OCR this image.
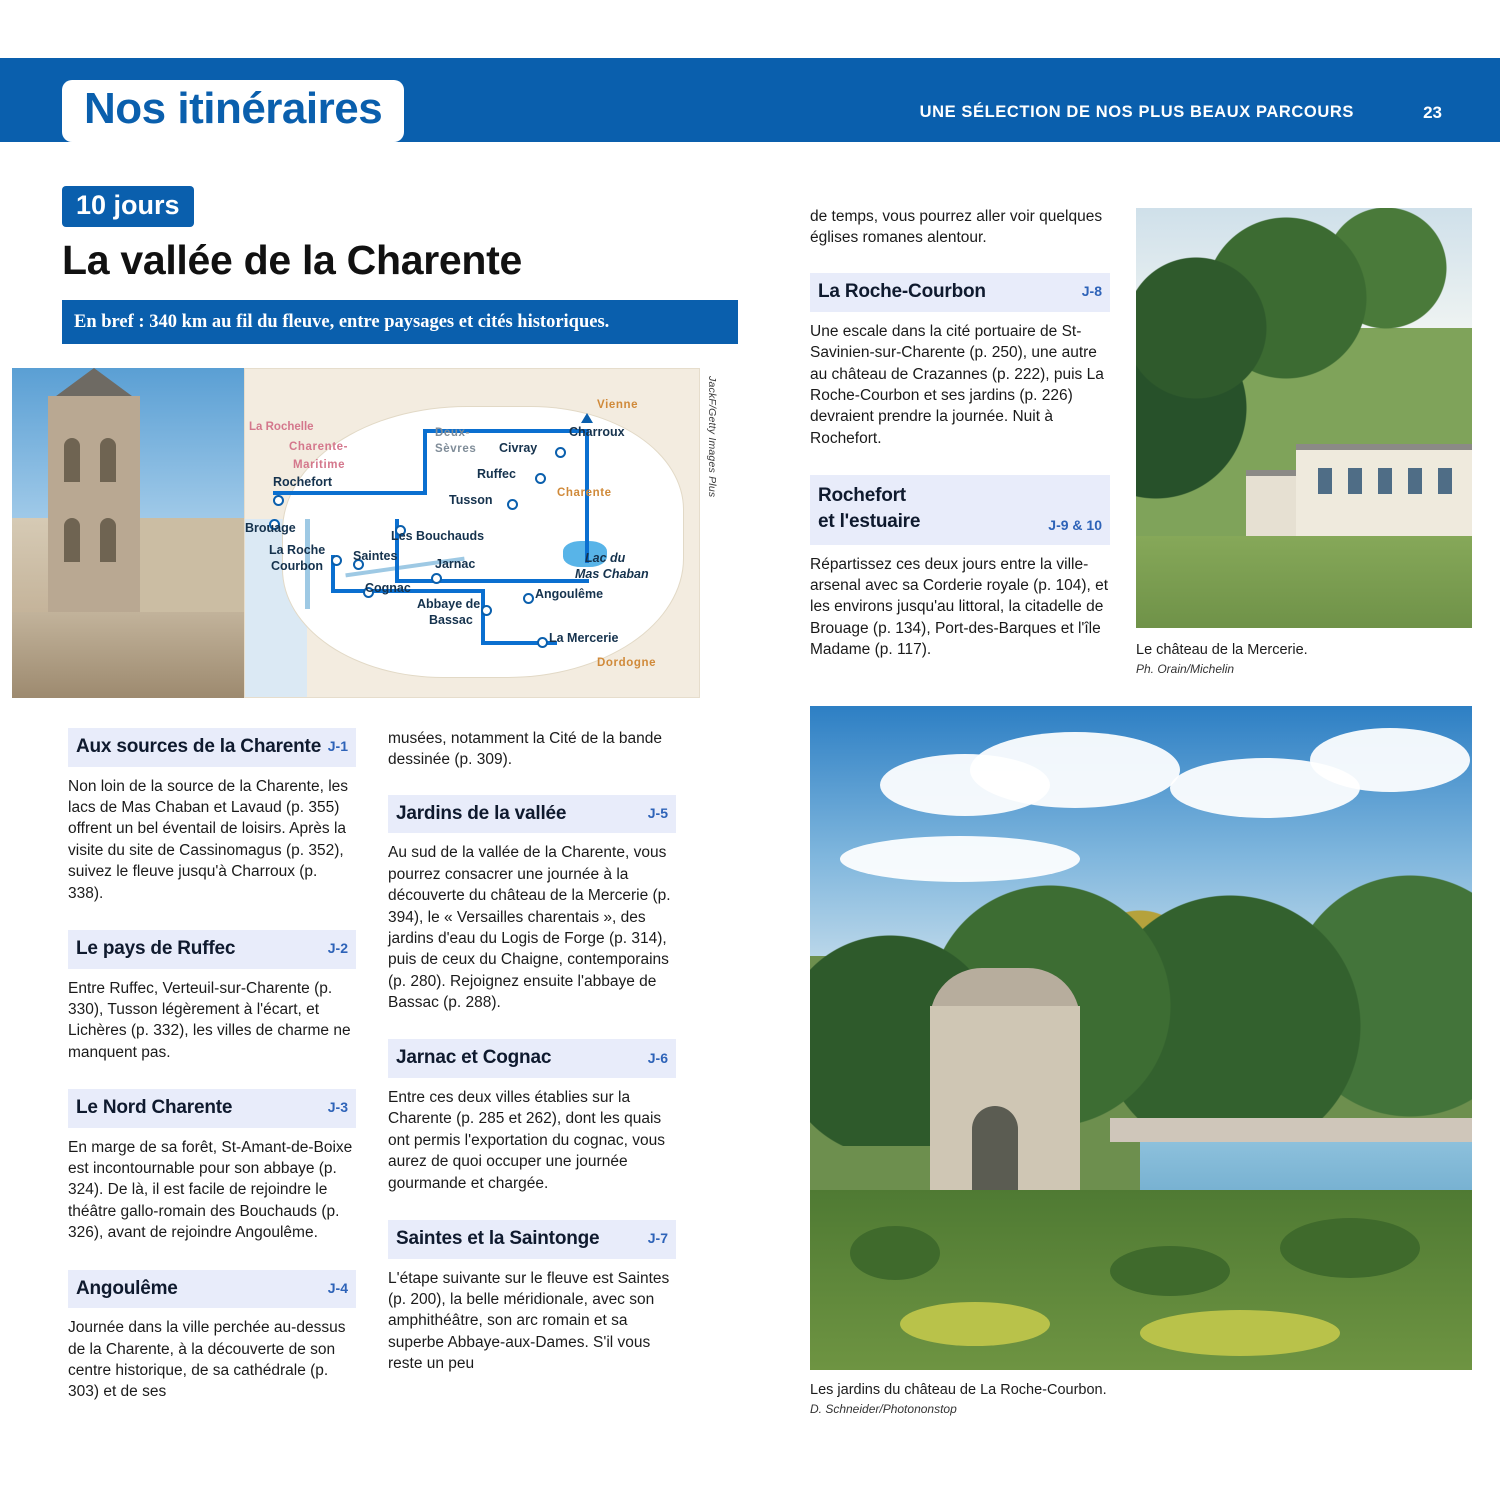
Nos itinéraires	UNE SÉLECTION DE NOS PLUS BEAUX PARCOURS	23
10 jours
La vallée de la Charente
En bref : 340 km au fil du fleuve, entre paysages et cités historiques.
Vienne
Deux-
Sèvres
Charente-
Maritime
Charente
Dordogne
La Rochelle	Charroux
Civray
Ruffec
Tusson
Rochefort
Brouage
Les Bouchauds
Saintes
La Roche
Courbon	Jarnac
Cognac
Abbaye de
Bassac
Angoulême
La Mercerie
Lac du
Mas Chaban
JackF/Getty Images Plus
Aux sources de la Charente J-1

Non loin de la source de la Charente, les lacs de Mas Chaban et Lavaud (p. 355) offrent un bel éventail de loisirs. Après la visite du site de Cassinomagus (p. 352), suivez le fleuve jusqu'à Charroux (p. 338).

Le pays de Ruffec	J-2

Entre Ruffec, Verteuil-sur-Charente (p. 330), Tusson légèrement à l'écart, et Lichères (p. 332), les villes de charme ne manquent pas.

Le Nord Charente	J-3

En marge de sa forêt, St-Amant-de-Boixe est incontournable pour son abbaye (p. 324). De là, il est facile de rejoindre le théâtre gallo-romain des Bouchauds (p. 326), avant de rejoindre Angoulême.

Angoulême	J-4

Journée dans la ville perchée au-dessus de la Charente, à la découverte de son centre historique, de sa cathédrale (p. 303) et de ses

musées, notamment la Cité de la bande dessinée (p. 309).

Jardins de la vallée	J-5

Au sud de la vallée de la Charente, vous pourrez consacrer une journée à la découverte du château de la Mercerie (p. 394), le « Versailles charentais », des jardins d'eau du Logis de Forge (p. 314), puis de ceux du Chaigne, contemporains (p. 280). Rejoignez ensuite l'abbaye de Bassac (p. 288).

Jarnac et Cognac	J-6

Entre ces deux villes établies sur la Charente (p. 285 et 262), dont les quais ont permis l'exportation du cognac, vous aurez de quoi occuper une journée gourmande et chargée.

Saintes et la Saintonge	J-7

L'étape suivante sur le fleuve est Saintes (p. 200), la belle méridionale, avec son amphithéâtre, son arc romain et sa superbe Abbaye-aux-Dames. S'il vous reste un peu

de temps, vous pourrez aller voir quelques églises romanes alentour.

La Roche-Courbon	J-8

Une escale dans la cité portuaire de St-Savinien-sur-Charente (p. 250), une autre au château de Crazannes (p. 222), puis La Roche-Courbon et ses jardins (p. 226) devraient prendre la journée. Nuit à Rochefort.

Rochefort
et l'estuaire	J-9 & 10

Répartissez ces deux jours entre la ville-arsenal avec sa Corderie royale (p. 104), et les environs jusqu'au littoral, la citadelle de Brouage (p. 134), Port-des-Barques et l'île Madame (p. 117).	Le château de la Mercerie.
Ph. Orain/Michelin
Les jardins du château de La Roche-Courbon.
D. Schneider/Photononstop
